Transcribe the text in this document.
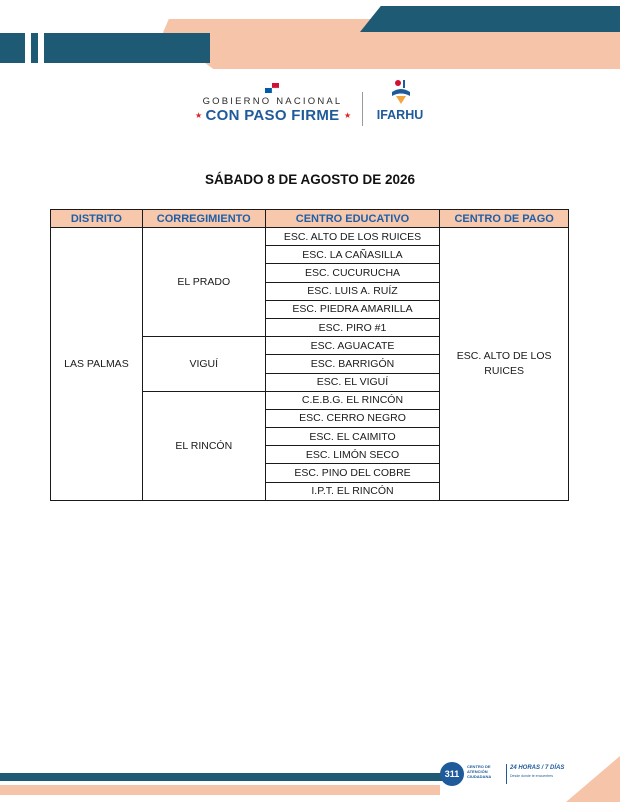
GOBIERNO NACIONAL
★ CON PASO FIRME ★	IFARHU
SÁBADO 8 DE AGOSTO DE 2026
DISTRITO	CORREGIMIENTO	CENTRO EDUCATIVO	CENTRO DE PAGO
LAS PALMAS	EL PRADO	ESC. ALTO DE LOS RUICES	ESC. ALTO DE LOS RUICES
		ESC. LA CAÑASILLA	
		ESC. CUCURUCHA	
		ESC. LUIS A. RUÍZ	
		ESC. PIEDRA AMARILLA	
		ESC. PIRO #1	
	VIGUÍ	ESC. AGUACATE	
		ESC. BARRIGÓN	
		ESC. EL VIGUÍ	
	EL RINCÓN	C.E.B.G. EL RINCÓN	
		ESC. CERRO NEGRO	
		ESC. EL CAIMITO	
		ESC. LIMÓN SECO	
		ESC. PINO DEL COBRE	
		I.P.T. EL RINCÓN	
311
CENTRO DE ATENCIÓN CIUDADANA
24 HORAS / 7 DÍAS
Desde donde te encuentres
